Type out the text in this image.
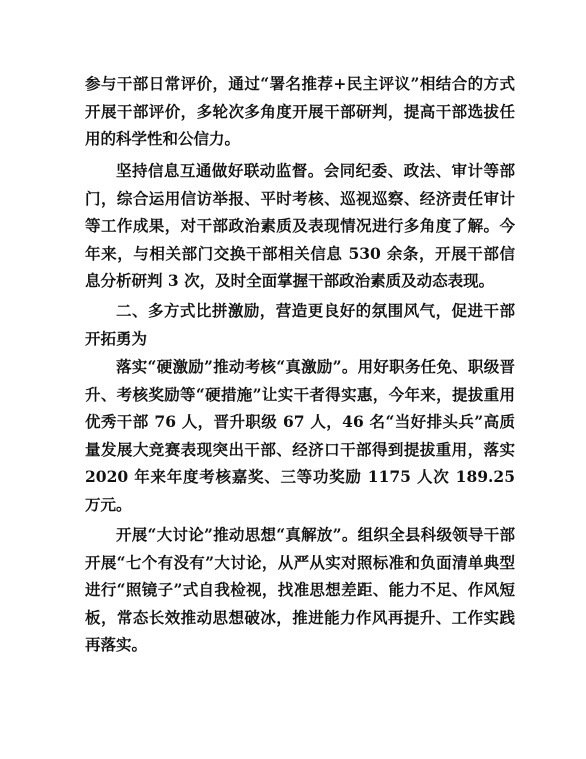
参与干部日常评价，通过“署名推荐+民主评议”相结合的方式开展干部评价，多轮次多角度开展干部研判，提高干部选拔任用的科学性和公信力。

坚持信息互通做好联动监督。会同纪委、政法、审计等部门，综合运用信访举报、平时考核、巡视巡察、经济责任审计等工作成果，对干部政治素质及表现情况进行多角度了解。今年来，与相关部门交换干部相关信息 530 余条，开展干部信息分析研判 3 次，及时全面掌握干部政治素质及动态表现。

二、多方式比拼激励，营造更良好的氛围风气，促进干部开拓勇为

落实“硬激励”推动考核“真激励”。用好职务任免、职级晋升、考核奖励等“硬措施”让实干者得实惠，今年来，提拔重用优秀干部 76 人，晋升职级 67 人，46 名“当好排头兵”高质量发展大竞赛表现突出干部、经济口干部得到提拔重用，落实 2020 年来年度考核嘉奖、三等功奖励 1175 人次 189.25 万元。

开展“大讨论”推动思想“真解放”。组织全县科级领导干部开展“七个有没有”大讨论，从严从实对照标准和负面清单典型进行“照镜子”式自我检视，找准思想差距、能力不足、作风短板，常态长效推动思想破冰，推进能力作风再提升、工作实践再落实。
